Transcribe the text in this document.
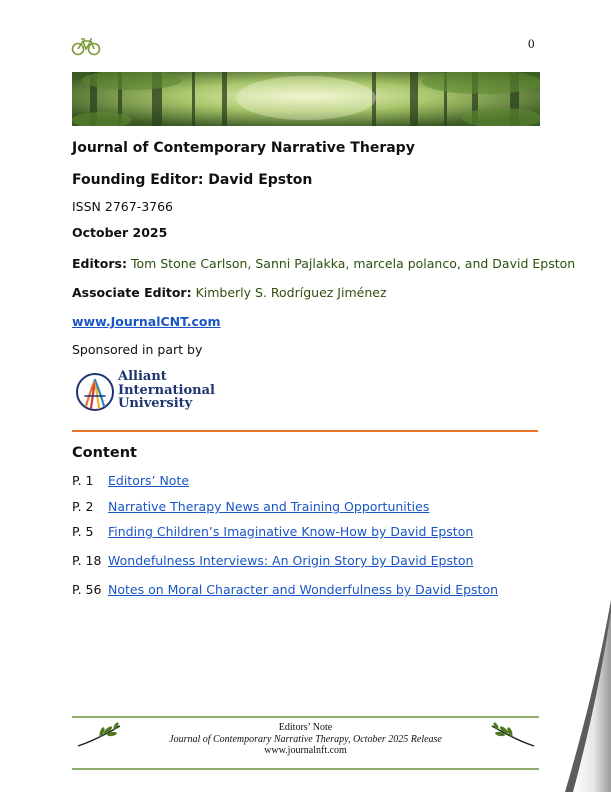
0
Journal of Contemporary Narrative Therapy
Founding Editor: David Epston
ISSN 2767-3766
October 2025
Editors: Tom Stone Carlson, Sanni Pajlakka, marcela polanco, and David Epston
Associate Editor: Kimberly S. Rodríguez Jiménez
www.JournalCNT.com
Sponsored in part by
Alliant
International
University
Content
P. 1 Editors’ Note
P. 2 Narrative Therapy News and Training Opportunities
P. 5 Finding Children’s Imaginative Know-How by David Epston
P. 18 Wondefulness Interviews: An Origin Story by David Epston
P. 56 Notes on Moral Character and Wonderfulness by David Epston
Editors’ Note
Journal of Contemporary Narrative Therapy, October 2025 Release
www.journalnft.com
